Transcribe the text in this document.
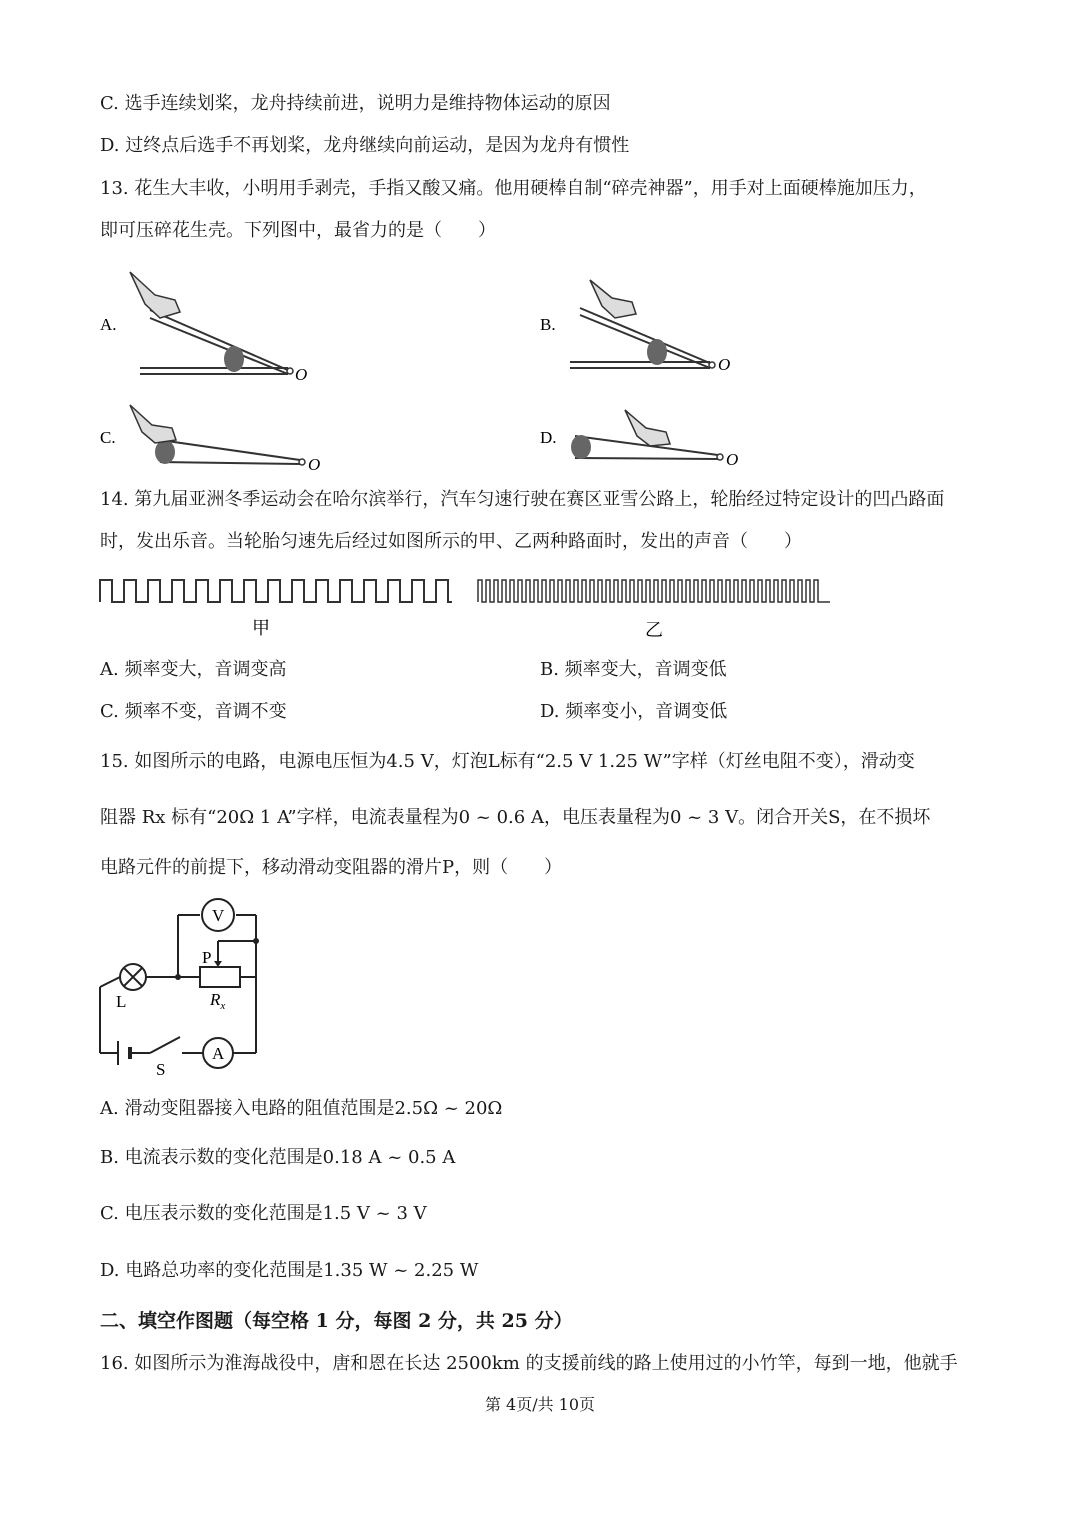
C. 选手连续划桨，龙舟持续前进，说明力是维持物体运动的原因
D. 过终点后选手不再划桨，龙舟继续向前运动，是因为龙舟有惯性
13. 花生大丰收，小明用手剥壳，手指又酸又痛。他用硬棒自制“碎壳神器”，用手对上面硬棒施加压力，
即可压碎花生壳。下列图中，最省力的是（　　）
A.
O
B.
O
C.
O
D.
O
14. 第九届亚洲冬季运动会在哈尔滨举行，汽车匀速行驶在赛区亚雪公路上，轮胎经过特定设计的凹凸路面
时，发出乐音。当轮胎匀速先后经过如图所示的甲、乙两种路面时，发出的声音（　　）
甲	乙
A. 频率变大，音调变高	B. 频率变大，音调变低
C. 频率不变，音调不变	D. 频率变小，音调变低
15. 如图所示的电路，电源电压恒为4.5 V，灯泡L标有“2.5 V 1.25 W”字样（灯丝电阻不变），滑动变
阻器 Rx 标有“20Ω 1 A”字样，电流表量程为0 ~ 0.6 A，电压表量程为0 ~ 3 V。闭合开关S，在不损坏
电路元件的前提下，移动滑动变阻器的滑片P，则（　　）
V
A
L
S
P
$R_x$
A. 滑动变阻器接入电路的阻值范围是2.5Ω ~ 20Ω
B. 电流表示数的变化范围是0.18 A ~ 0.5 A
C. 电压表示数的变化范围是1.5 V ~ 3 V
D. 电路总功率的变化范围是1.35 W ~ 2.25 W
二、填空作图题（每空格 1 分，每图 2 分，共 25 分）
16. 如图所示为淮海战役中，唐和恩在长达 2500km 的支援前线的路上使用过的小竹竿，每到一地，他就手
第 4页/共 10页
